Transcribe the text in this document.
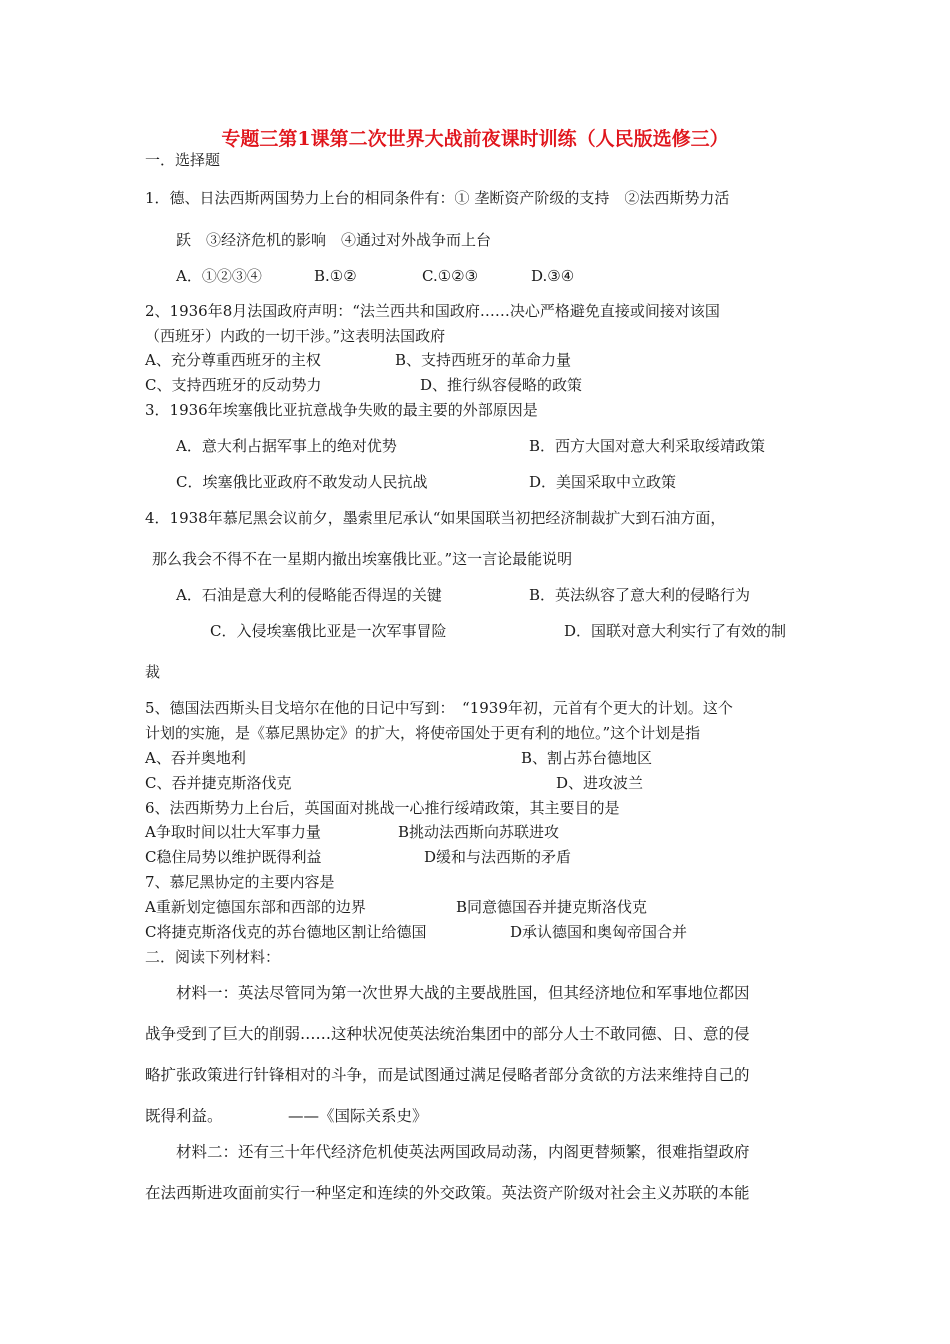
专题三第1课第二次世界大战前夜课时训练（人民版选修三）
一．选择题
1．德、日法西斯两国势力上台的相同条件有：① 垄断资产阶级的支持　②法西斯势力活
跃　③经济危机的影响　④通过对外战争而上台
A．①②③④	B.①②	C.①②③	D.③④
2、1936年8月法国政府声明：“法兰西共和国政府……决心严格避免直接或间接对该国
（西班牙）内政的一切干涉。”这表明法国政府
A、充分尊重西班牙的主权	B、支持西班牙的革命力量
C、支持西班牙的反动势力	D、推行纵容侵略的政策
3．1936年埃塞俄比亚抗意战争失败的最主要的外部原因是
A．意大利占据军事上的绝对优势	B．西方大国对意大利采取绥靖政策
C．埃塞俄比亚政府不敢发动人民抗战	D．美国采取中立政策
4．1938年慕尼黑会议前夕，墨索里尼承认“如果国联当初把经济制裁扩大到石油方面，
那么我会不得不在一星期内撤出埃塞俄比亚。”这一言论最能说明
A．石油是意大利的侵略能否得逞的关键	B．英法纵容了意大利的侵略行为
C．入侵埃塞俄比亚是一次军事冒险	D．国联对意大利实行了有效的制
裁
5、德国法西斯头目戈培尔在他的日记中写到：　“1939年初，元首有个更大的计划。这个
计划的实施，是《慕尼黑协定》的扩大，将使帝国处于更有利的地位。”这个计划是指
A、吞并奥地利	B、割占苏台德地区
C、吞并捷克斯洛伐克	D、进攻波兰
6、法西斯势力上台后，英国面对挑战一心推行绥靖政策，其主要目的是
A争取时间以壮大军事力量	B挑动法西斯向苏联进攻
C稳住局势以维护既得利益	D缓和与法西斯的矛盾
7、慕尼黑协定的主要内容是
A重新划定德国东部和西部的边界	B同意德国吞并捷克斯洛伐克
C将捷克斯洛伐克的苏台德地区割让给德国	D承认德国和奥匈帝国合并
二．阅读下列材料：
材料一：英法尽管同为第一次世界大战的主要战胜国，但其经济地位和军事地位都因
战争受到了巨大的削弱……这种状况使英法统治集团中的部分人士不敢同德、日、意的侵
略扩张政策进行针锋相对的斗争，而是试图通过满足侵略者部分贪欲的方法来维持自己的
既得利益。	——《国际关系史》
材料二：还有三十年代经济危机使英法两国政局动荡，内阁更替频繁，很难指望政府
在法西斯进攻面前实行一种坚定和连续的外交政策。英法资产阶级对社会主义苏联的本能
